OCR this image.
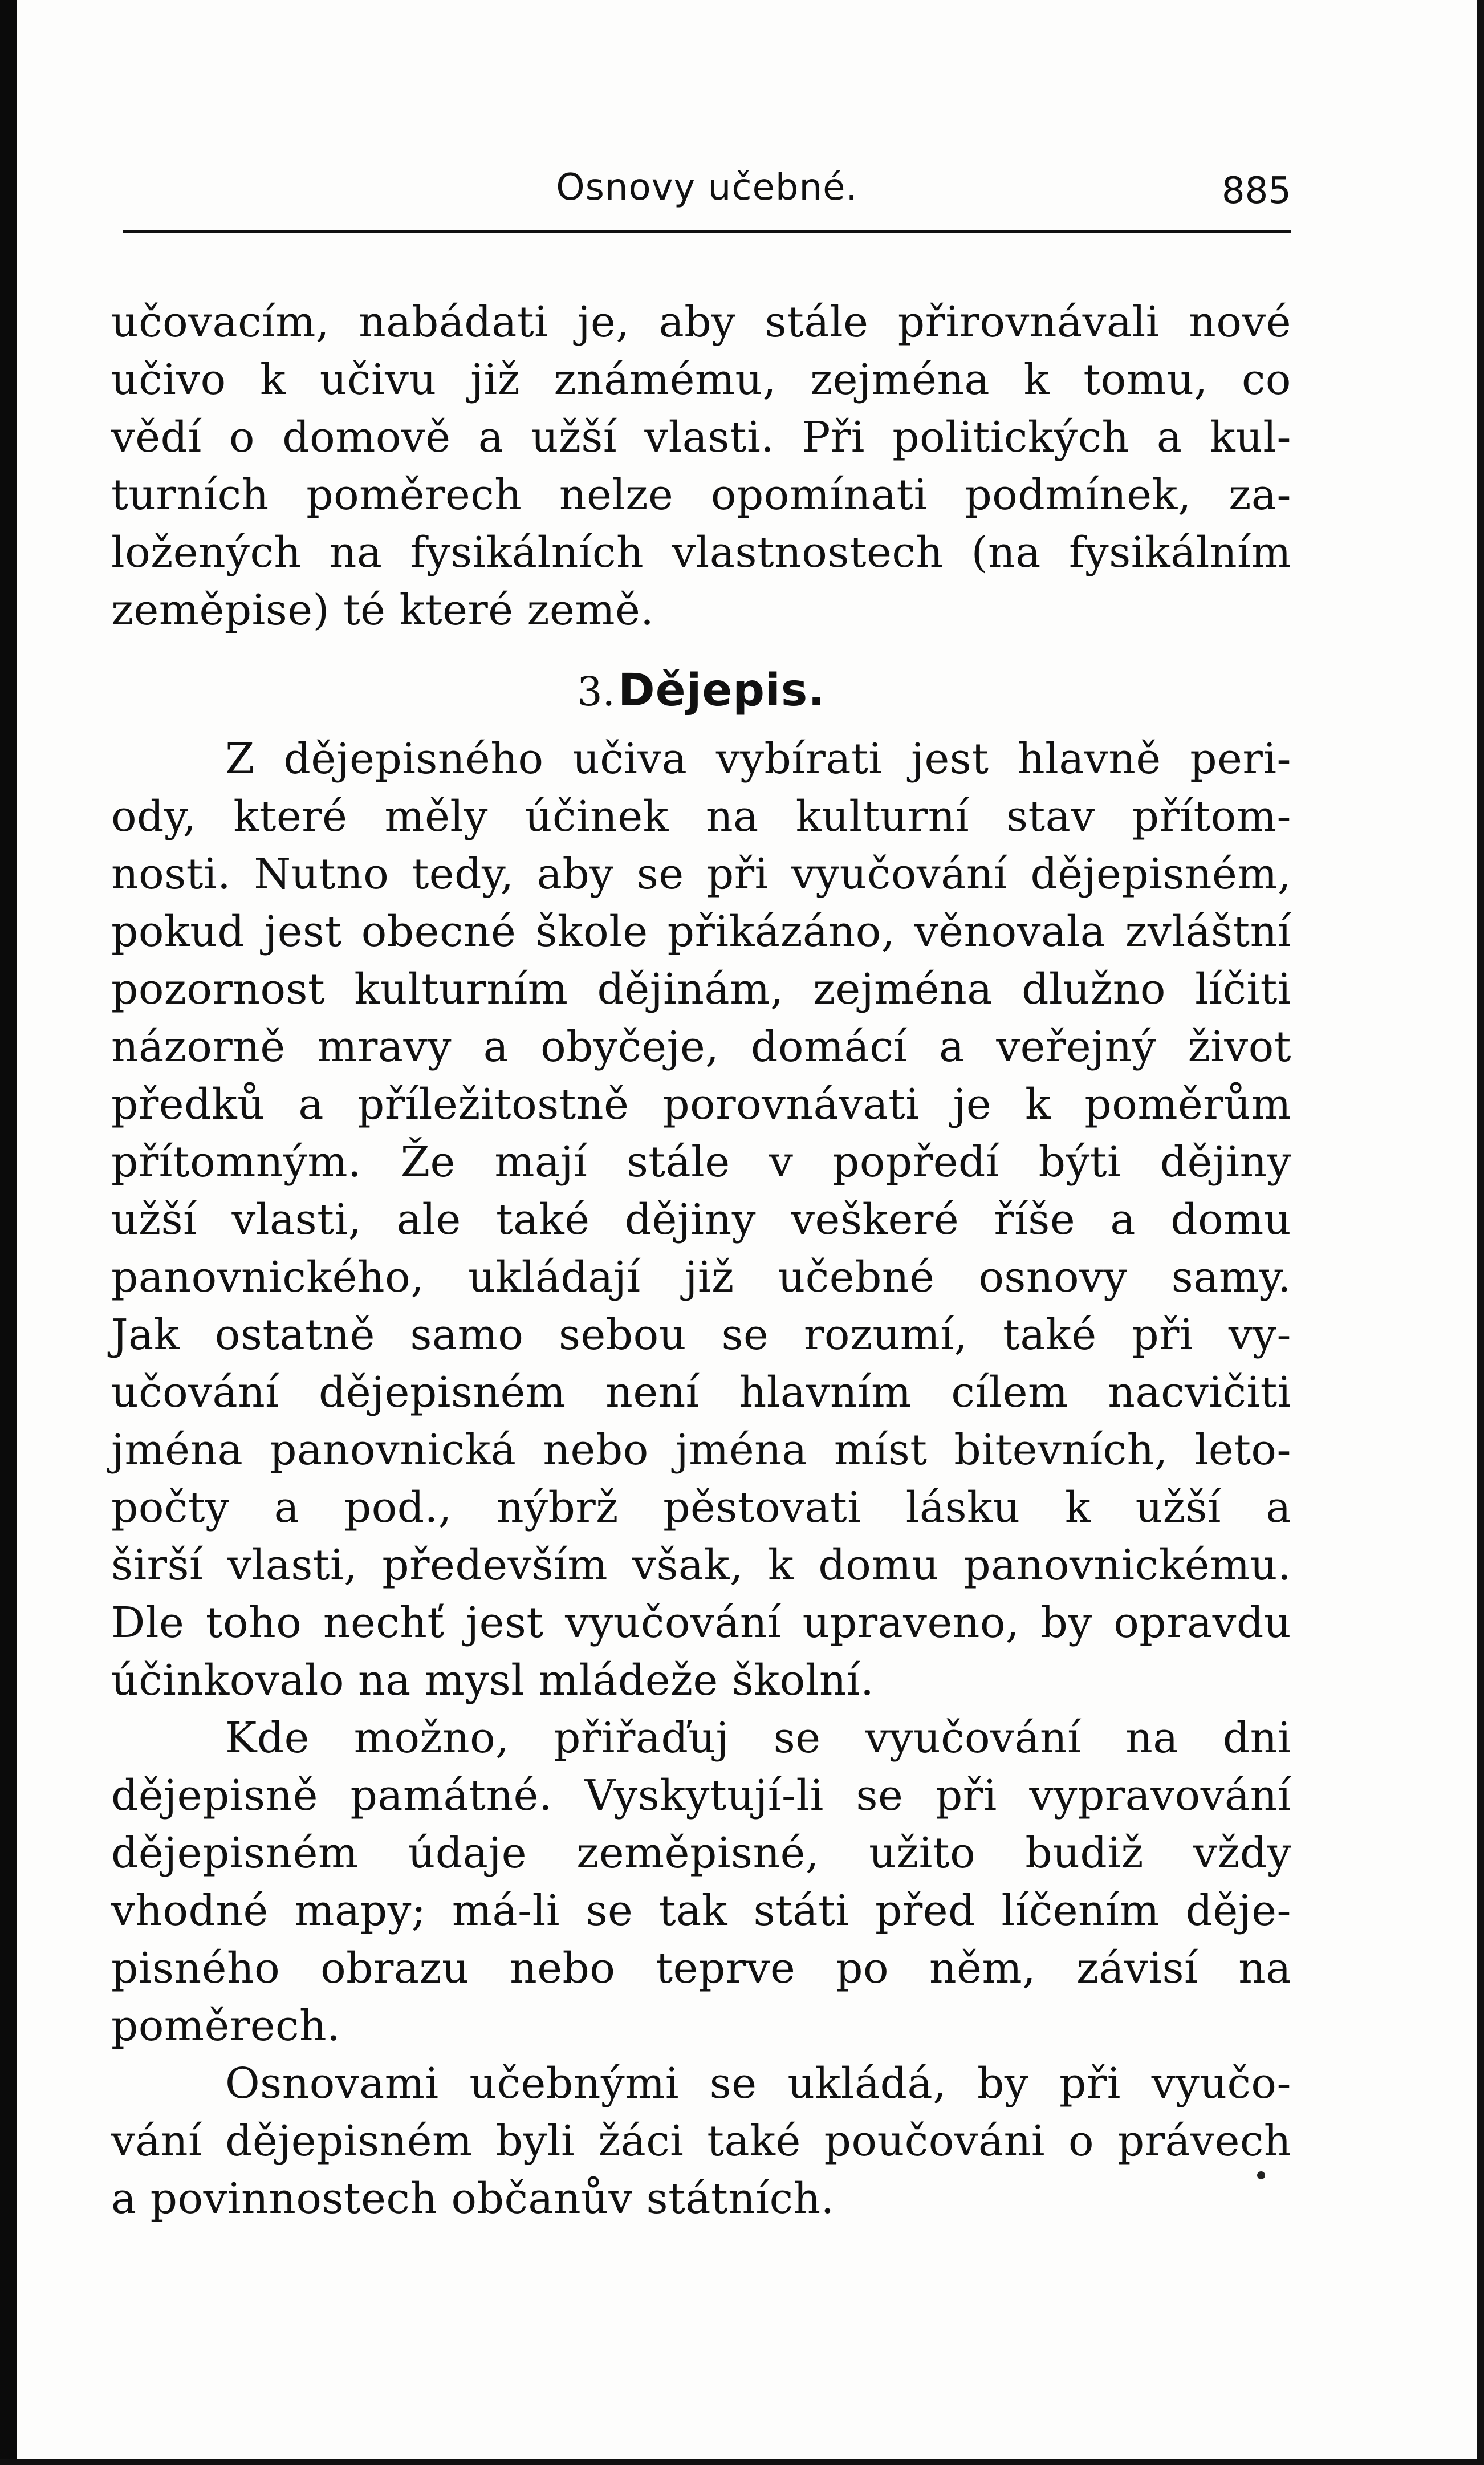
Osnovy učebné.	885
učovacím, nabádati je, aby stále přirovnávali nové
učivo k učivu již známému, zejména k tomu, co
vědí o domově a užší vlasti. Při politických a kul-
turních poměrech nelze opomínati podmínek, za-
ložených na fysikálních vlastnostech (na fysikálním
zeměpise) té které země.
3. Dějepis.
Z dějepisného učiva vybírati jest hlavně peri-
ody, které měly účinek na kulturní stav přítom-
nosti. Nutno tedy, aby se při vyučování dějepisném,
pokud jest obecné škole přikázáno, věnovala zvláštní
pozornost kulturním dějinám, zejména dlužno líčiti
názorně mravy a obyčeje, domácí a veřejný život
předků a příležitostně porovnávati je k poměrům
přítomným. Že mají stále v popředí býti dějiny
užší vlasti, ale také dějiny veškeré říše a domu
panovnického, ukládají již učebné osnovy samy.
Jak ostatně samo sebou se rozumí, také při vy-
učování dějepisném není hlavním cílem nacvičiti
jména panovnická nebo jména míst bitevních, leto-
počty a pod., nýbrž pěstovati lásku k užší a
širší vlasti, především však, k domu panovnickému.
Dle toho nechť jest vyučování upraveno, by opravdu
účinkovalo na mysl mládeže školní.
Kde možno, přiřaďuj se vyučování na dni
dějepisně památné. Vyskytují-li se při vypravování
dějepisném údaje zeměpisné, užito budiž vždy
vhodné mapy; má-li se tak státi před líčením děje-
pisného obrazu nebo teprve po něm, závisí na
poměrech.
Osnovami učebnými se ukládá, by při vyučo-
vání dějepisném byli žáci také poučováni o právech
a povinnostech občanův státních.
